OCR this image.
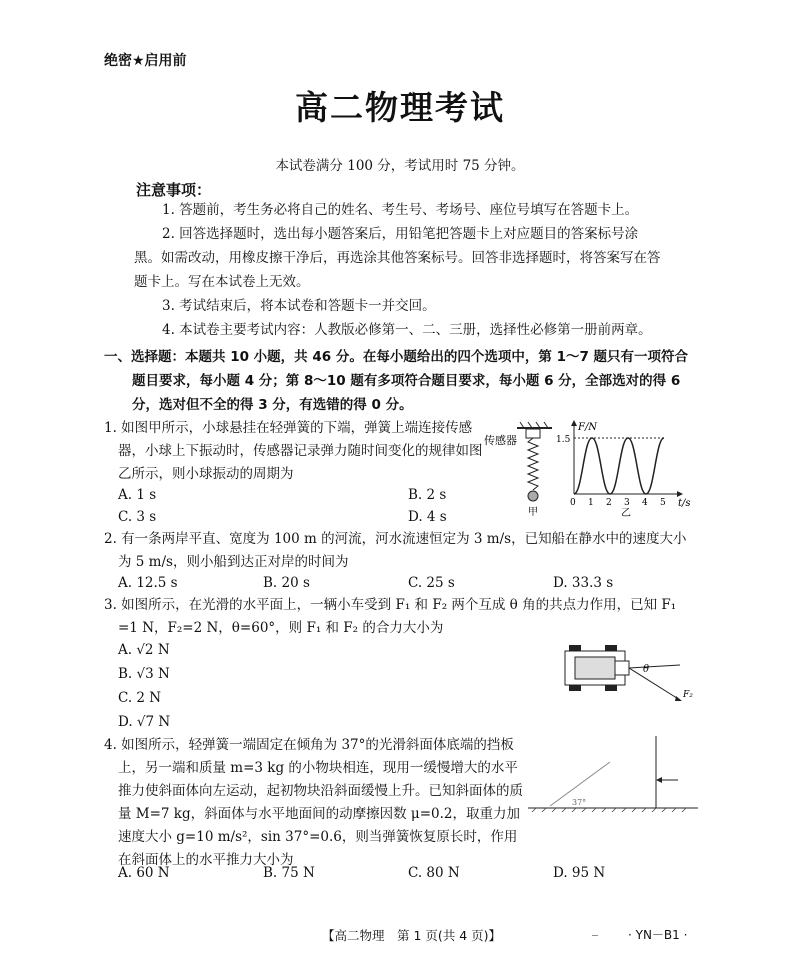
绝密★启用前
高二物理考试
本试卷满分 100 分，考试用时 75 分钟。
注意事项：

1. 答题前，考生务必将自己的姓名、考生号、考场号、座位号填写在答题卡上。

2. 回答选择题时，选出每小题答案后，用铅笔把答题卡上对应题目的答案标号涂黑。如需改动，用橡皮擦干净后，再选涂其他答案标号。回答非选择题时，将答案写在答题卡上。写在本试卷上无效。

3. 考试结束后，将本试卷和答题卡一并交回。

4. 本试卷主要考试内容：人教版必修第一、二、三册，选择性必修第一册前两章。

一、选择题：本题共 10 小题，共 46 分。在每小题给出的四个选项中，第 1～7 题只有一项符合题目要求，每小题 4 分；第 8～10 题有多项符合题目要求，每小题 6 分，全部选对的得 6 分，选对但不全的得 3 分，有选错的得 0 分。
1. 如图甲所示，小球悬挂在轻弹簧的下端，弹簧上端连接传感器，小球上下振动时，传感器记录弹力随时间变化的规律如图乙所示，则小球振动的周期为
A. 1 s	B. 2 s
C. 3 s	D. 4 s
传感器
甲
F/N
1.5
t/s
0 1 2 3 4 5
乙
2. 有一条两岸平直、宽度为 100 m 的河流，河水流速恒定为 3 m/s，已知船在静水中的速度大小为 5 m/s，则小船到达正对岸的时间为
A. 12.5 s	B. 20 s	C. 25 s	D. 33.3 s
3. 如图所示，在光滑的水平面上，一辆小车受到 F₁ 和 F₂ 两个互成 θ 角的共点力作用，已知 F₁ =1 N，F₂=2 N，θ=60°，则 F₁ 和 F₂ 的合力大小为
A. √2 N
B. √3 N
C. 2 N
D. √7 N
θ
F₂
4. 如图所示，轻弹簧一端固定在倾角为 37°的光滑斜面体底端的挡板上，另一端和质量 m=3 kg 的小物块相连，现用一缓慢增大的水平推力使斜面体向左运动，起初物块沿斜面缓慢上升。已知斜面体的质量 M=7 kg，斜面体与水平地面间的动摩擦因数 μ=0.2，取重力加速度大小 g=10 m/s²，sin 37°=0.6，则当弹簧恢复原长时，作用在斜面体上的水平推力大小为
A. 60 N	B. 75 N	C. 80 N	D. 95 N
37°
【高二物理　第 1 页(共 4 页)】	_	· YN－B1 ·
